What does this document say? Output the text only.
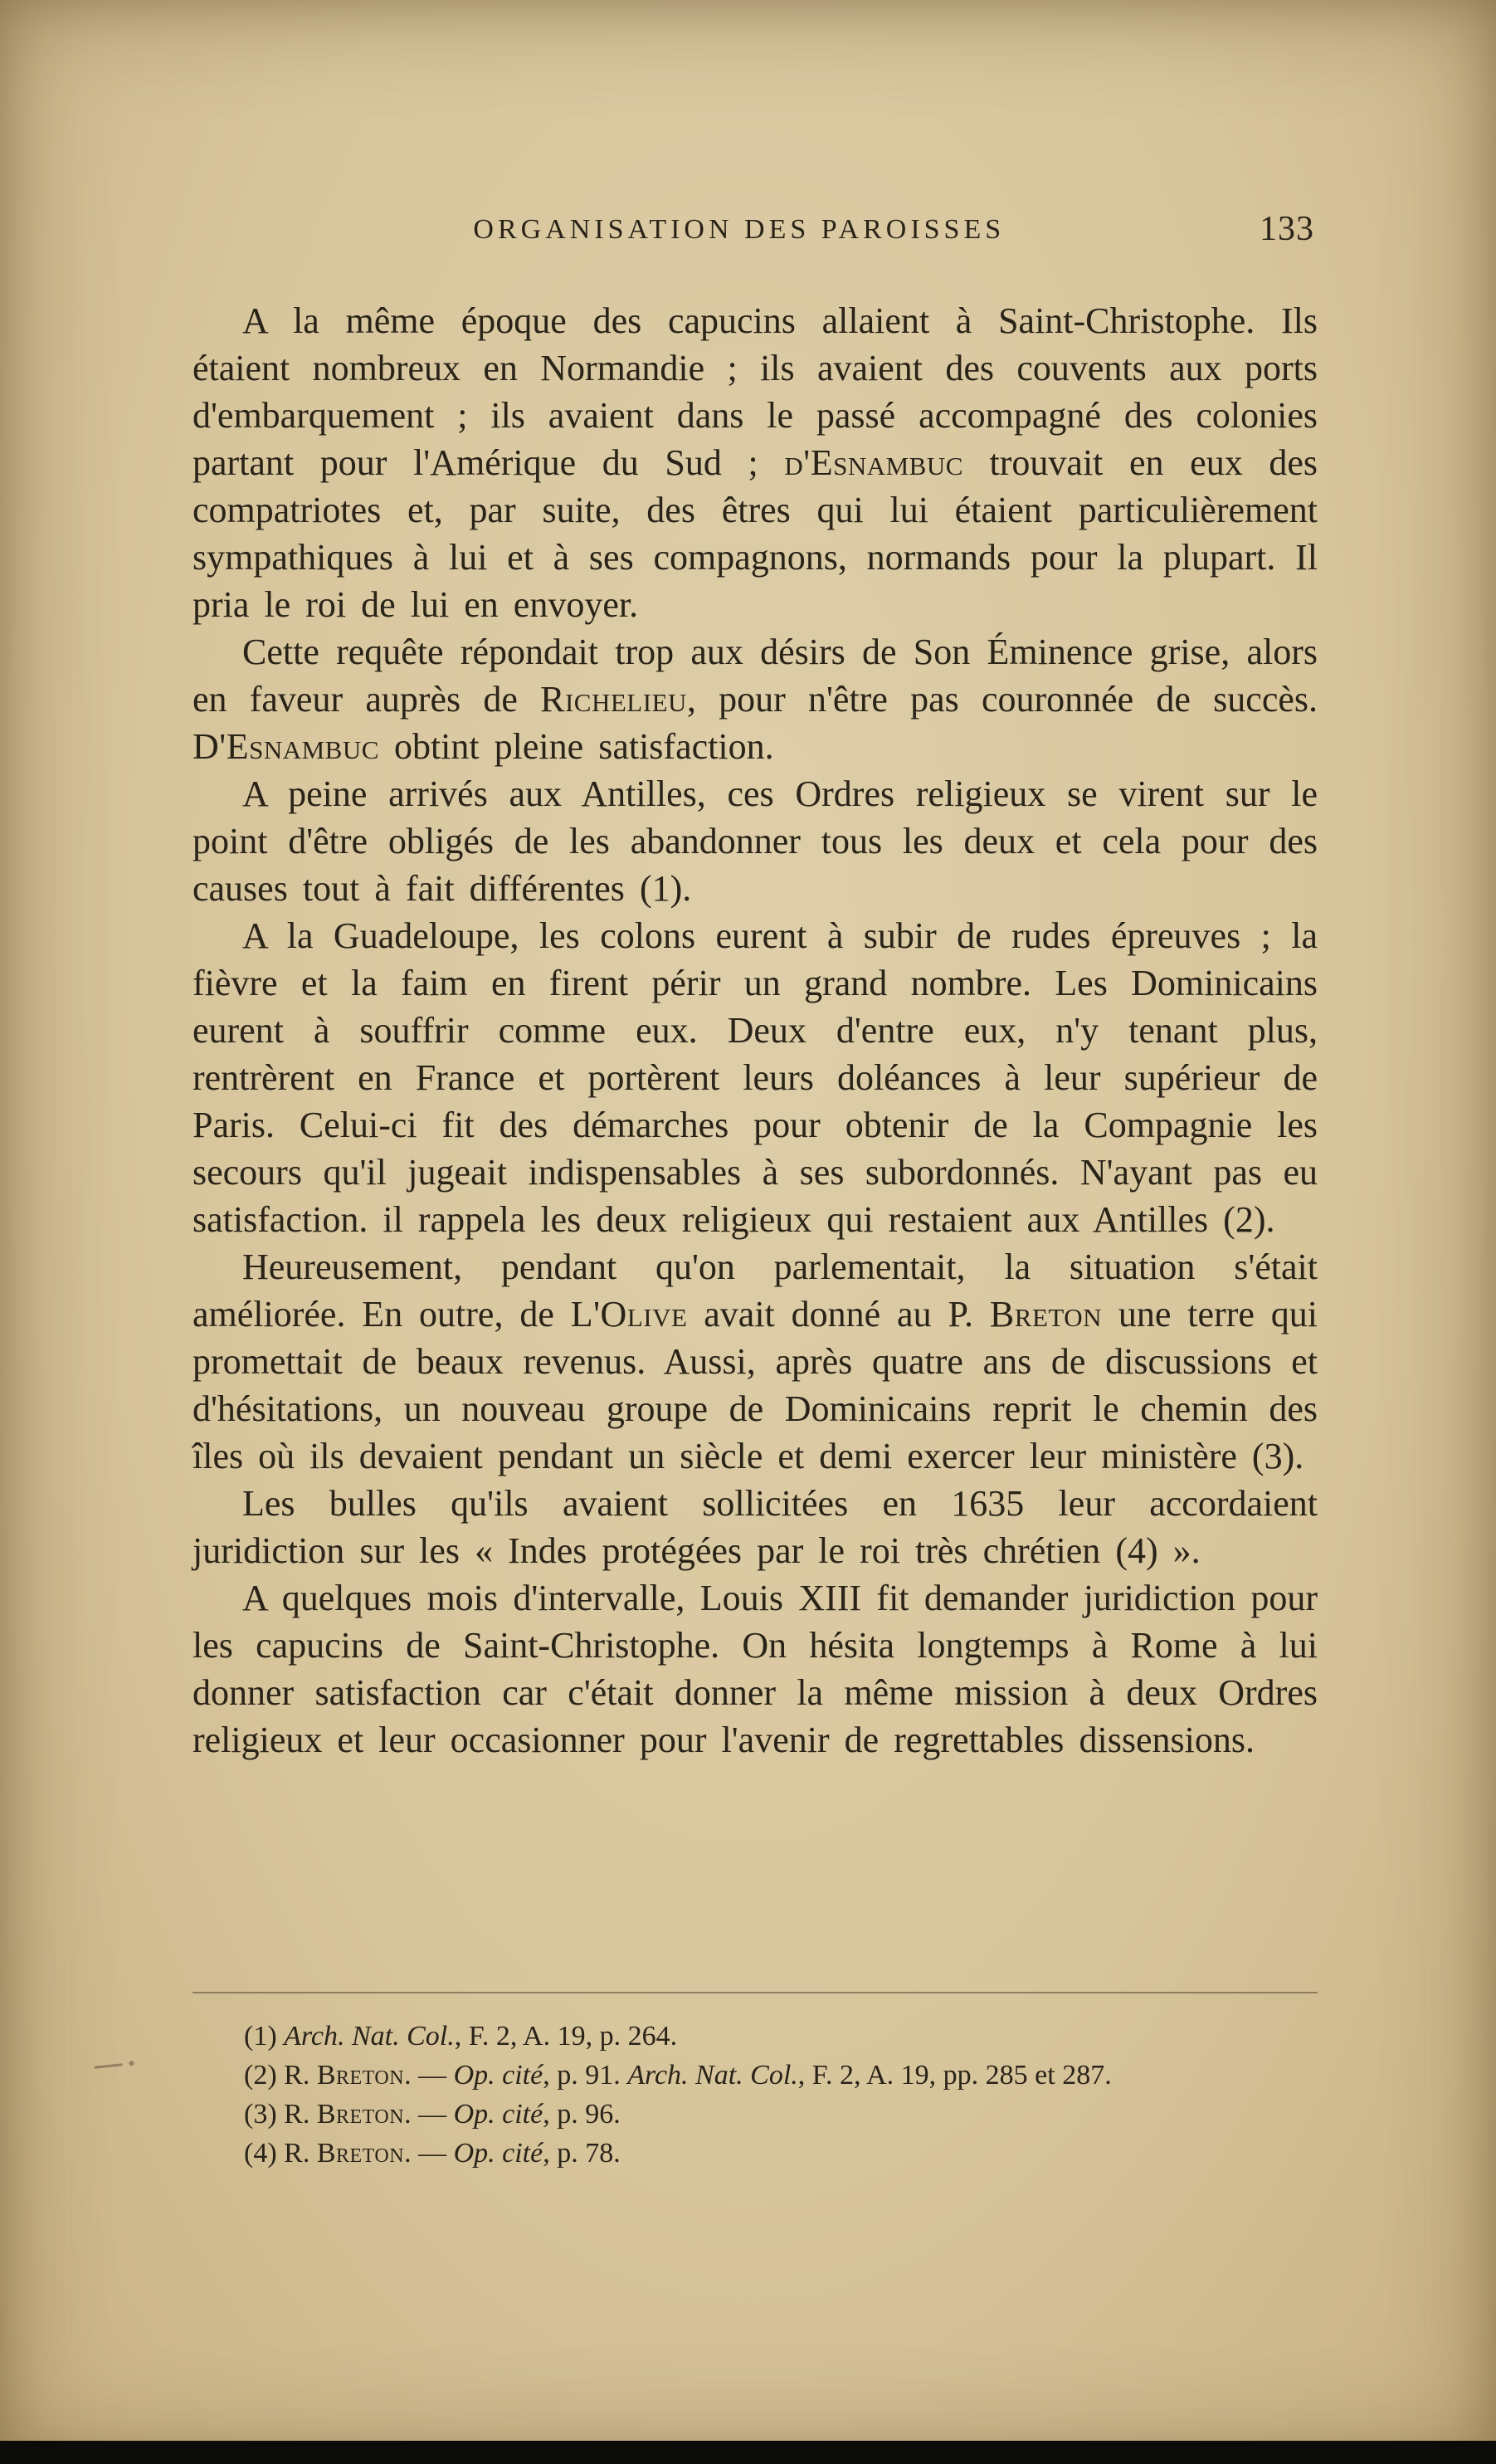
ORGANISATION DES PAROISSES	133

A la même époque des capucins allaient à Saint-Christophe. Ils étaient nombreux en Normandie ; ils avaient des couvents aux ports d'embarquement ; ils avaient dans le passé accompagné des colonies partant pour l'Amérique du Sud ; d'Esnambuc trouvait en eux des compatriotes et, par suite, des êtres qui lui étaient particulièrement sympathiques à lui et à ses compagnons, normands pour la plupart. Il pria le roi de lui en envoyer.

Cette requête répondait trop aux désirs de Son Éminence grise, alors en faveur auprès de Richelieu, pour n'être pas couronnée de succès. D'Esnambuc obtint pleine satisfaction.

A peine arrivés aux Antilles, ces Ordres religieux se virent sur le point d'être obligés de les abandonner tous les deux et cela pour des causes tout à fait différentes (1).

A la Guadeloupe, les colons eurent à subir de rudes épreuves ; la fièvre et la faim en firent périr un grand nombre. Les Dominicains eurent à souffrir comme eux. Deux d'entre eux, n'y tenant plus, rentrèrent en France et portèrent leurs doléances à leur supérieur de Paris. Celui-ci fit des démarches pour obtenir de la Compagnie les secours qu'il jugeait indispensables à ses subordonnés. N'ayant pas eu satisfaction. il rappela les deux religieux qui restaient aux Antilles (2).

Heureusement, pendant qu'on parlementait, la situation s'était améliorée. En outre, de L'Olive avait donné au P. Breton une terre qui promettait de beaux revenus. Aussi, après quatre ans de discussions et d'hésitations, un nouveau groupe de Dominicains reprit le chemin des îles où ils devaient pendant un siècle et demi exercer leur ministère (3).

Les bulles qu'ils avaient sollicitées en 1635 leur accordaient juridiction sur les « Indes protégées par le roi très chrétien (4) ».

A quelques mois d'intervalle, Louis XIII fit demander juridiction pour les capucins de Saint-Christophe. On hésita longtemps à Rome à lui donner satisfaction car c'était donner la même mission à deux Ordres religieux et leur occasionner pour l'avenir de regrettables dissensions.

(1) Arch. Nat. Col., F. 2, A. 19, p. 264.

(2) R. Breton. — Op. cité, p. 91. Arch. Nat. Col., F. 2, A. 19, pp. 285 et 287.

(3) R. Breton. — Op. cité, p. 96.

(4) R. Breton. — Op. cité, p. 78.
